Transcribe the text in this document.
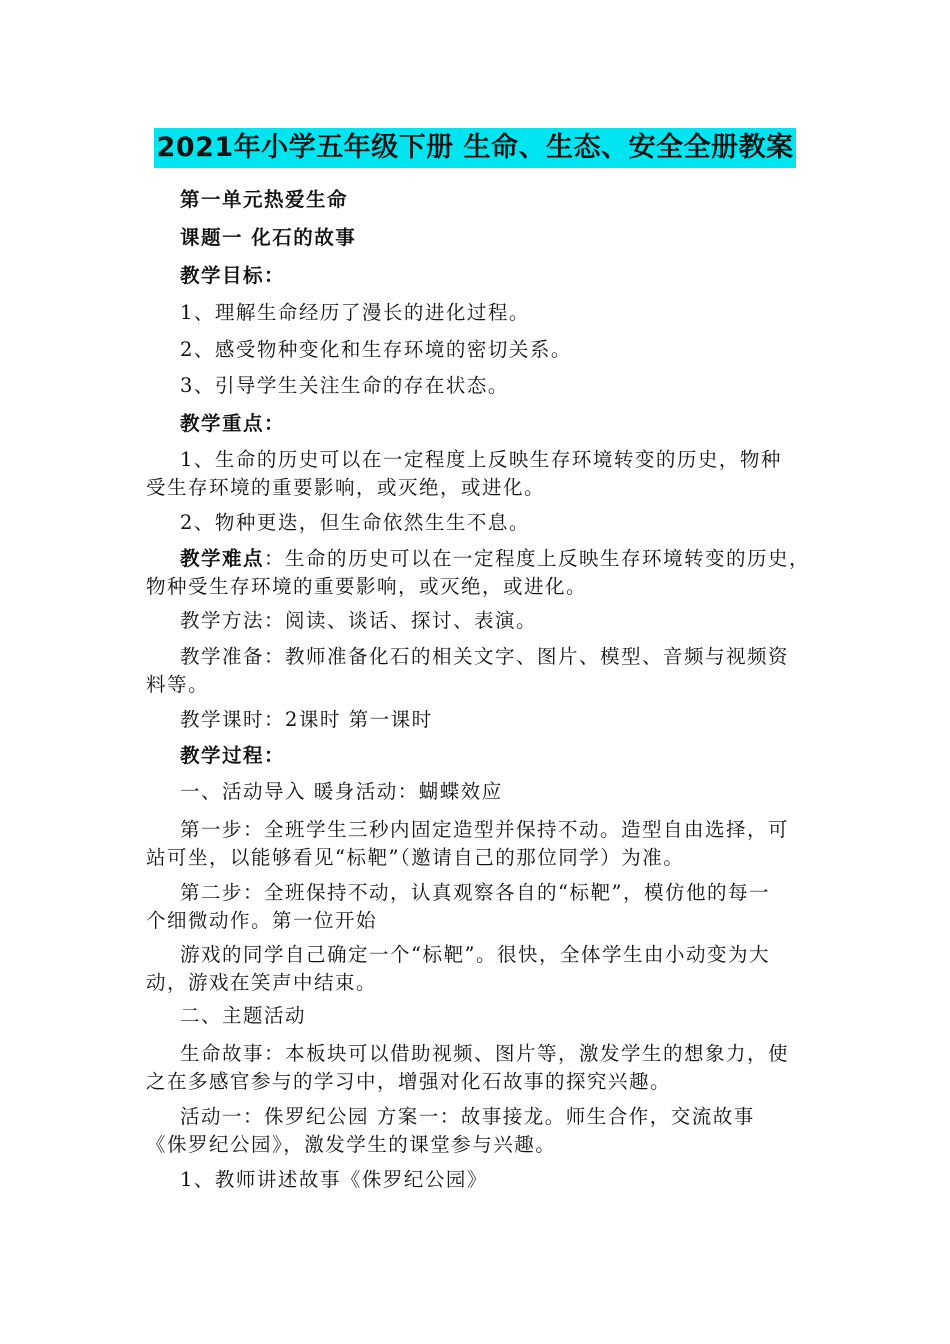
2021年小学五年级下册 生命、生态、安全全册教案
第一单元热爱生命
课题一 化石的故事
教学目标：
1、理解生命经历了漫长的进化过程。
2、感受物种变化和生存环境的密切关系。
3、引导学生关注生命的存在状态。
教学重点：
1、生命的历史可以在一定程度上反映生存环境转变的历史，物种
受生存环境的重要影响，或灭绝，或进化。
2、物种更迭，但生命依然生生不息。
教学难点：生命的历史可以在一定程度上反映生存环境转变的历史，
物种受生存环境的重要影响，或灭绝，或进化。
教学方法：阅读、谈话、探讨、表演。
教学准备：教师准备化石的相关文字、图片、模型、音频与视频资
料等。
教学课时：2课时 第一课时
教学过程：
一、活动导入 暖身活动：蝴蝶效应
第一步：全班学生三秒内固定造型并保持不动。造型自由选择，可
站可坐，以能够看见“标靶”（邀请自己的那位同学）为准。
第二步：全班保持不动，认真观察各自的“标靶”，模仿他的每一
个细微动作。第一位开始
游戏的同学自己确定一个“标靶”。很快，全体学生由小动变为大
动，游戏在笑声中结束。
二、主题活动
生命故事：本板块可以借助视频、图片等，激发学生的想象力，使
之在多感官参与的学习中，增强对化石故事的探究兴趣。
活动一：侏罗纪公园 方案一：故事接龙。师生合作，交流故事
《侏罗纪公园》，激发学生的课堂参与兴趣。
1、教师讲述故事《侏罗纪公园》
